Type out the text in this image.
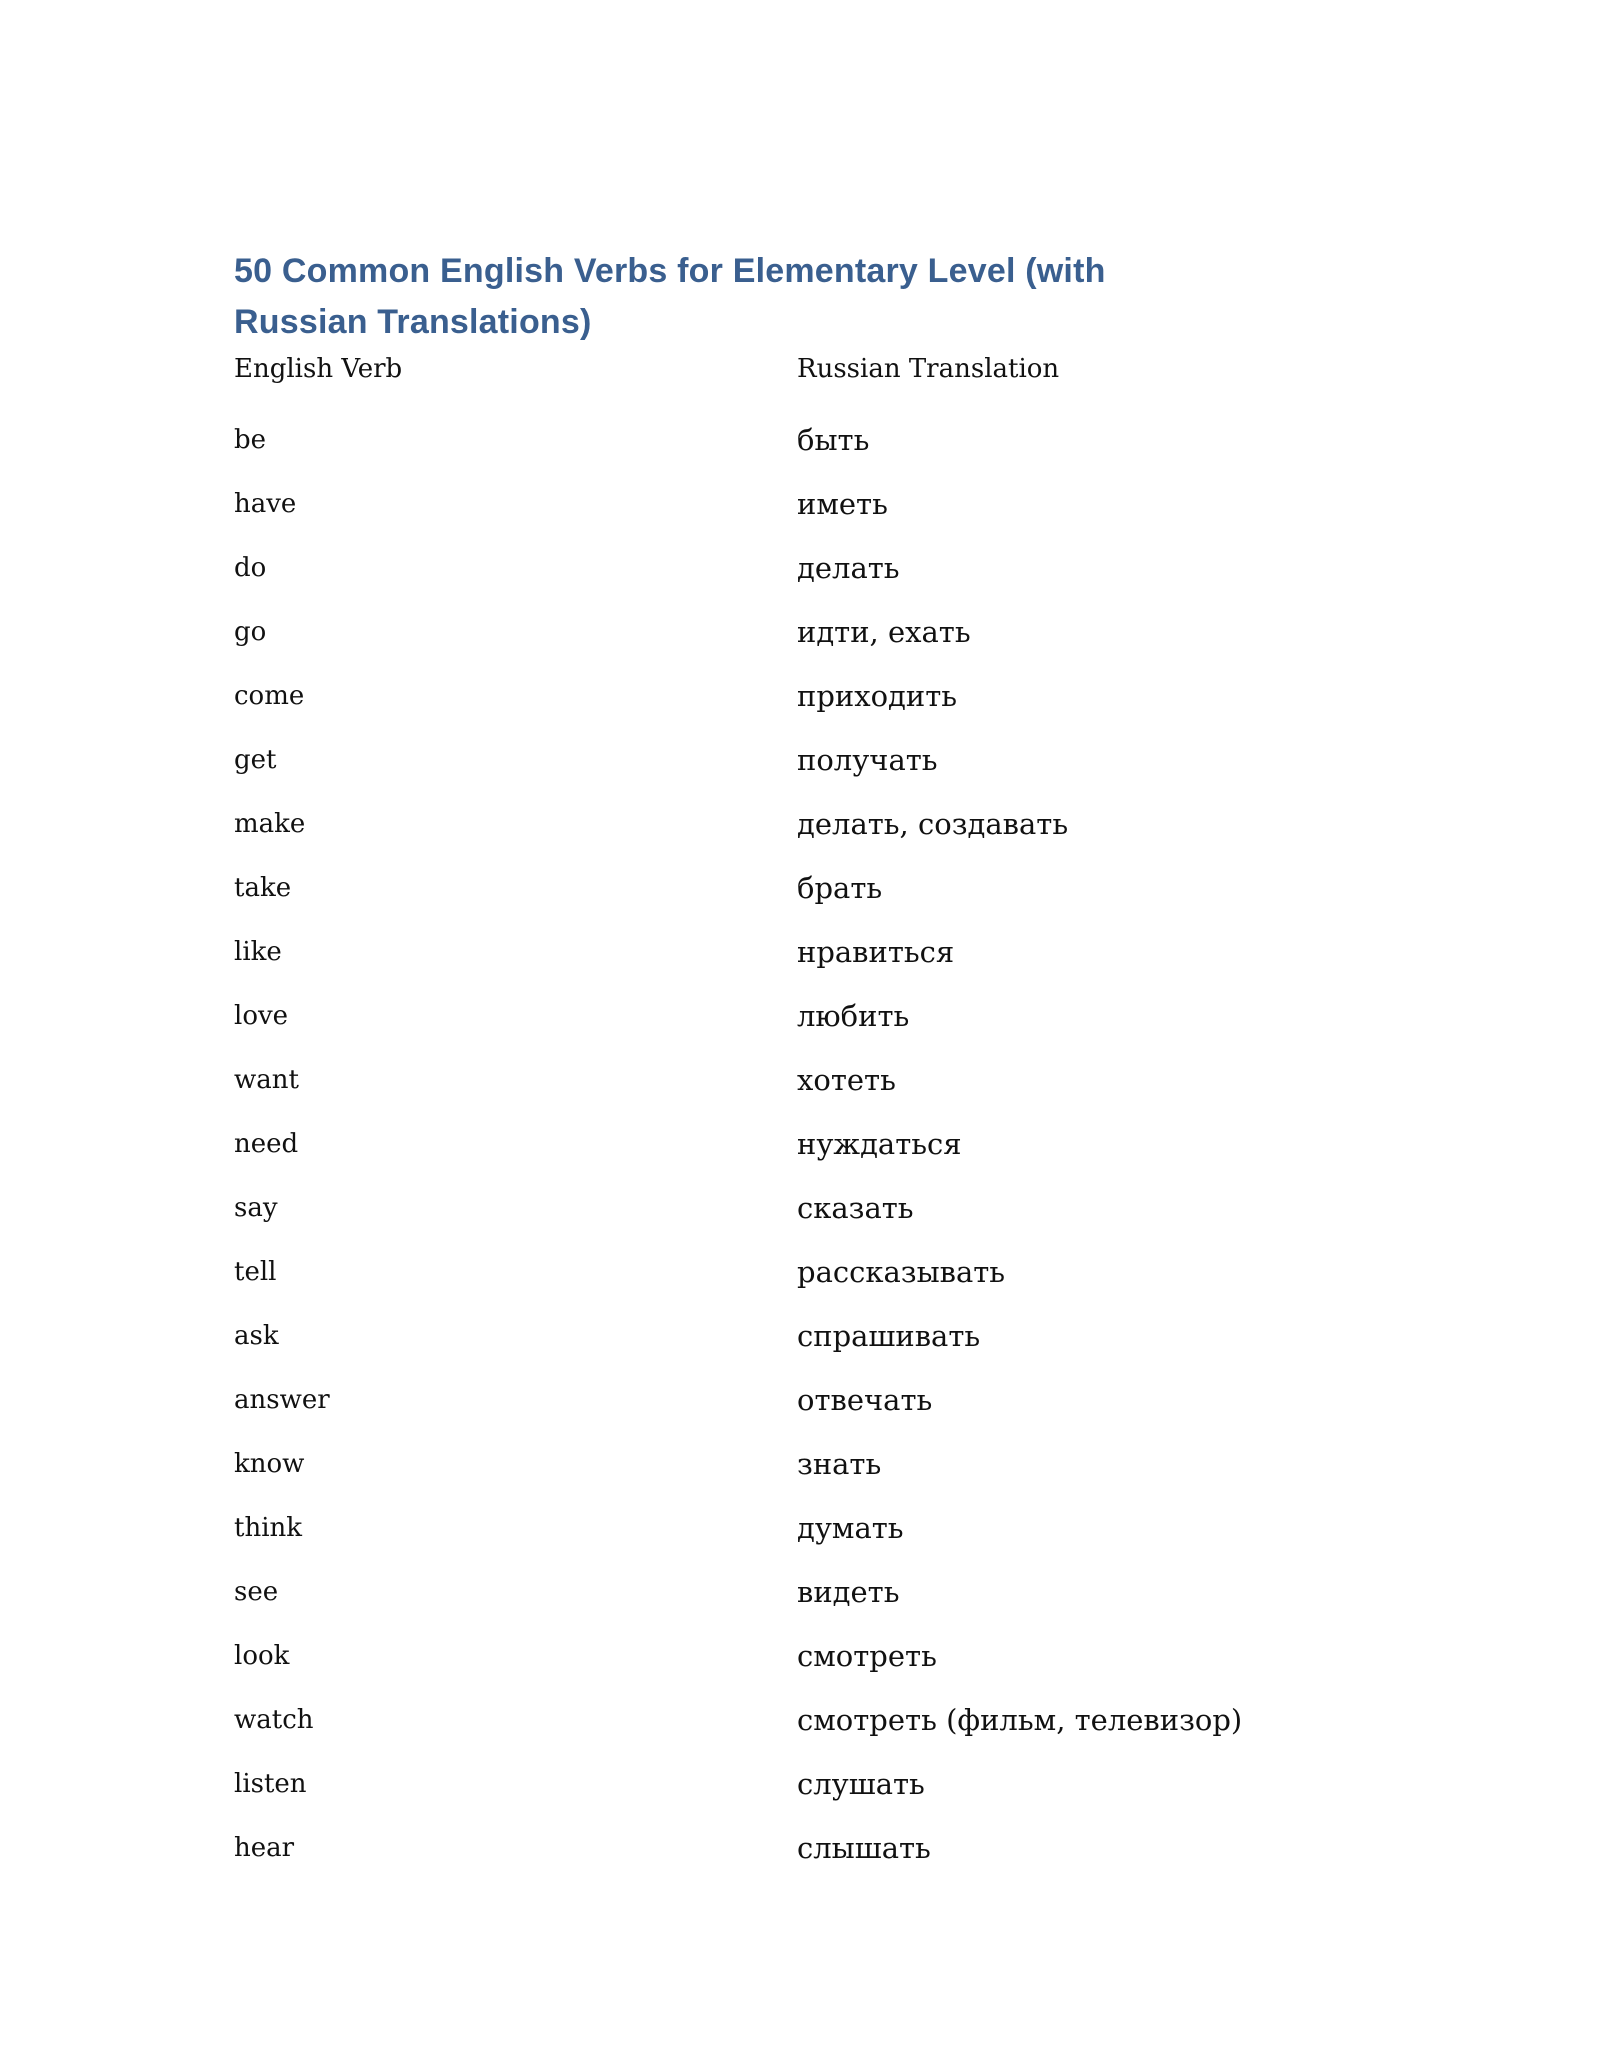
50 Common English Verbs for Elementary Level (with Russian Translations)
English Verb	Russian Translation
be	быть
have	иметь
do	делать
go	идти, ехать
come	приходить
get	получать
make	делать, создавать
take	брать
like	нравиться
love	любить
want	хотеть
need	нуждаться
say	сказать
tell	рассказывать
ask	спрашивать
answer	отвечать
know	знать
think	думать
see	видеть
look	смотреть
watch	смотреть (фильм, телевизор)
listen	слушать
hear	слышать
